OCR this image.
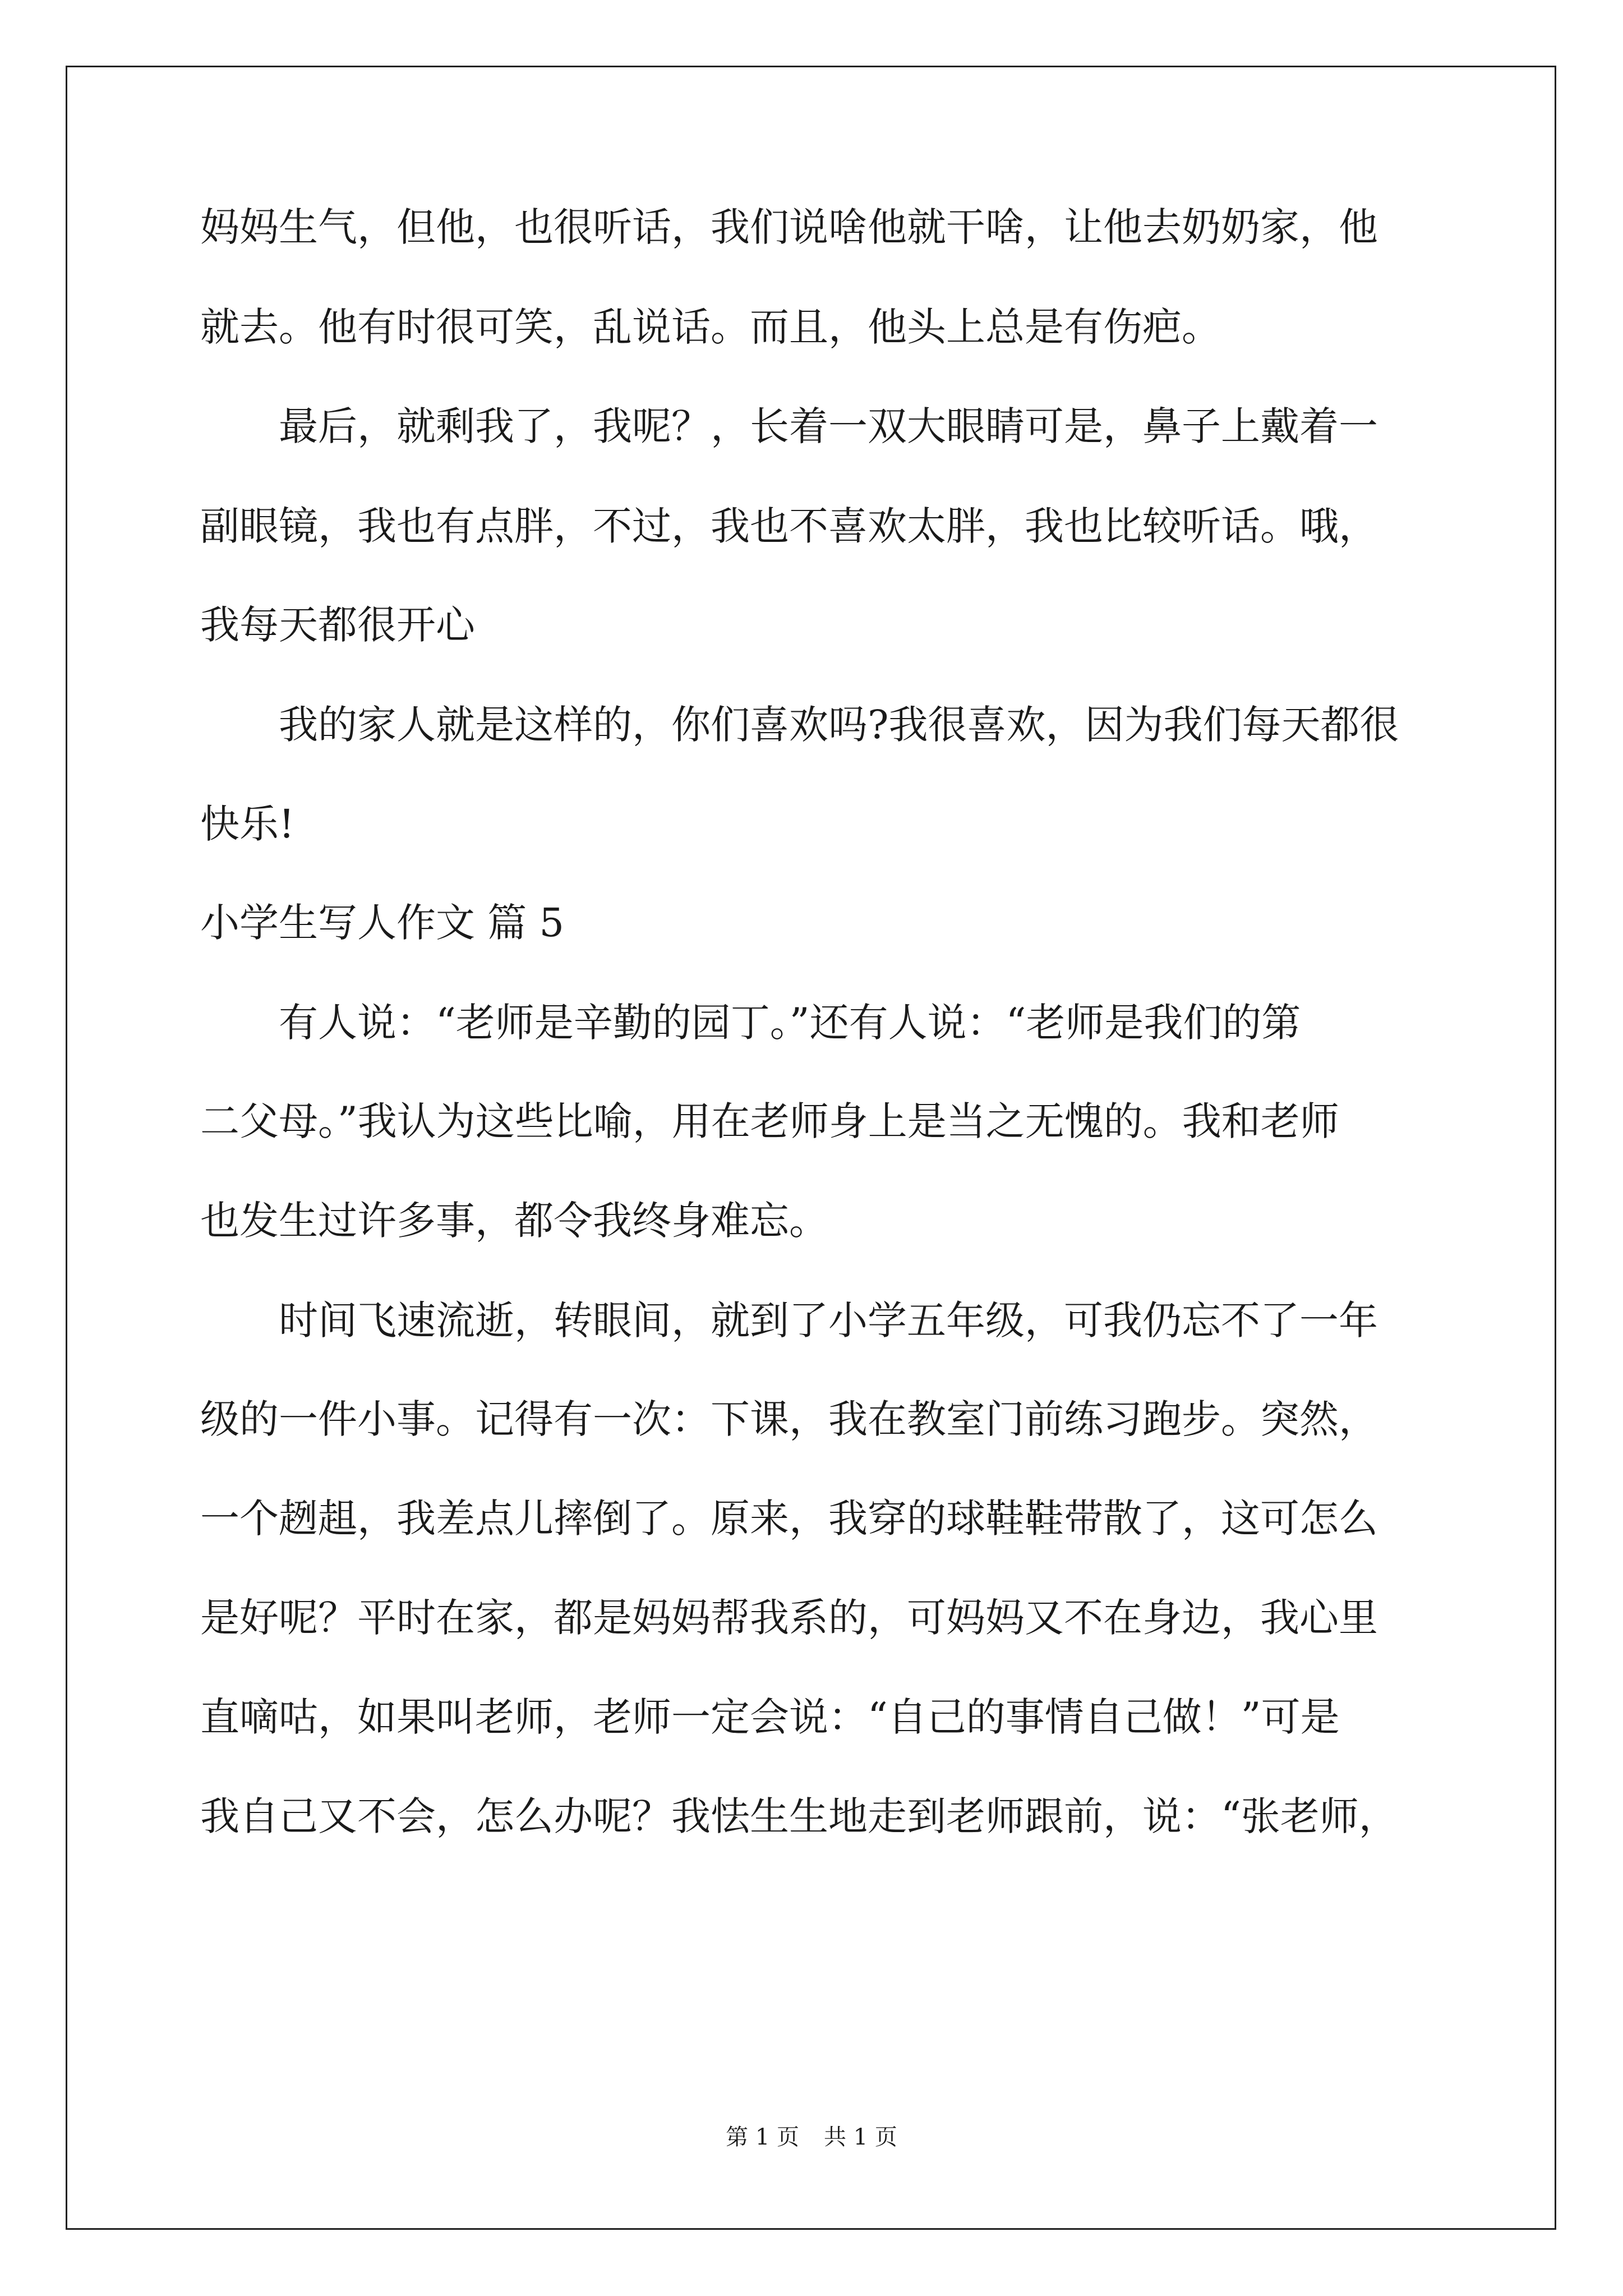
妈妈生气，但他，也很听话，我们说啥他就干啥，让他去奶奶家，他
就去。他有时很可笑，乱说话。而且，他头上总是有伤疤。
　　最后，就剩我了，我呢？，长着一双大眼睛可是，鼻子上戴着一
副眼镜，我也有点胖，不过，我也不喜欢太胖，我也比较听话。哦，
我每天都很开心
　　我的家人就是这样的，你们喜欢吗?我很喜欢，因为我们每天都很
快乐!
小学生写人作文 篇 5
　　有人说：“老师是辛勤的园丁。”还有人说：“老师是我们的第
二父母。”我认为这些比喻，用在老师身上是当之无愧的。我和老师
也发生过许多事，都令我终身难忘。
　　时间飞速流逝，转眼间，就到了小学五年级，可我仍忘不了一年
级的一件小事。记得有一次：下课，我在教室门前练习跑步。突然，
一个趔趄，我差点儿摔倒了。原来，我穿的球鞋鞋带散了，这可怎么
是好呢？平时在家，都是妈妈帮我系的，可妈妈又不在身边，我心里
直嘀咕，如果叫老师，老师一定会说：“自己的事情自己做！”可是
我自己又不会，怎么办呢？我怯生生地走到老师跟前，说：“张老师，
第 1 页 共 1 页
